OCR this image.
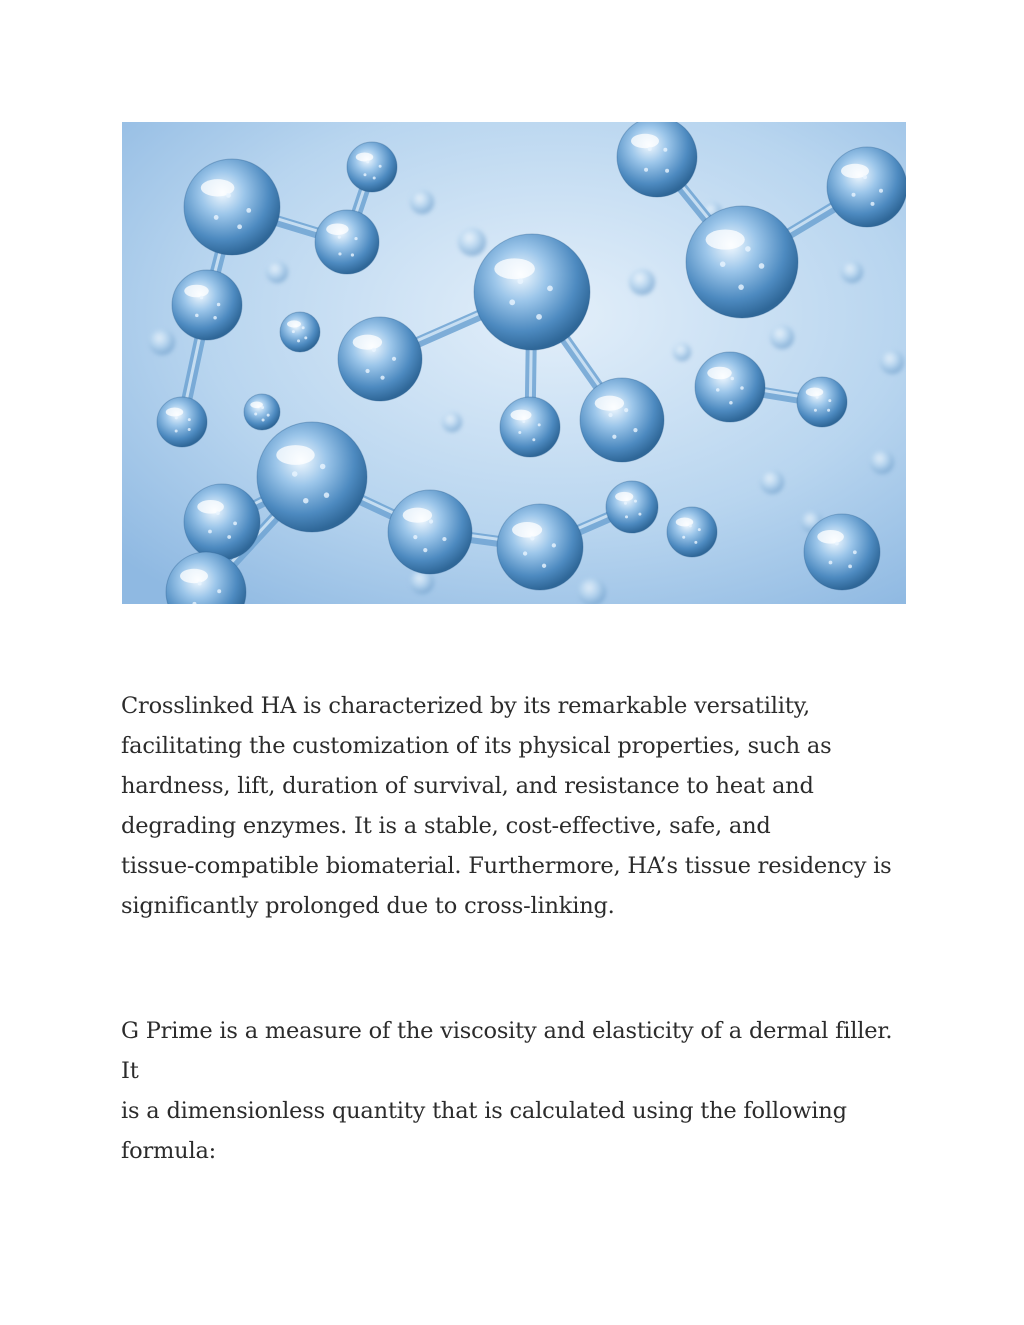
Crosslinked HA is characterized by its remarkable versatility,
facilitating the customization of its physical properties, such as
hardness, lift, duration of survival, and resistance to heat and
degrading enzymes. It is a stable, cost-effective, safe, and
tissue-compatible biomaterial. Furthermore, HA’s tissue residency is
significantly prolonged due to cross-linking.

G Prime is a measure of the viscosity and elasticity of a dermal filler. It
is a dimensionless quantity that is calculated using the following
formula:
